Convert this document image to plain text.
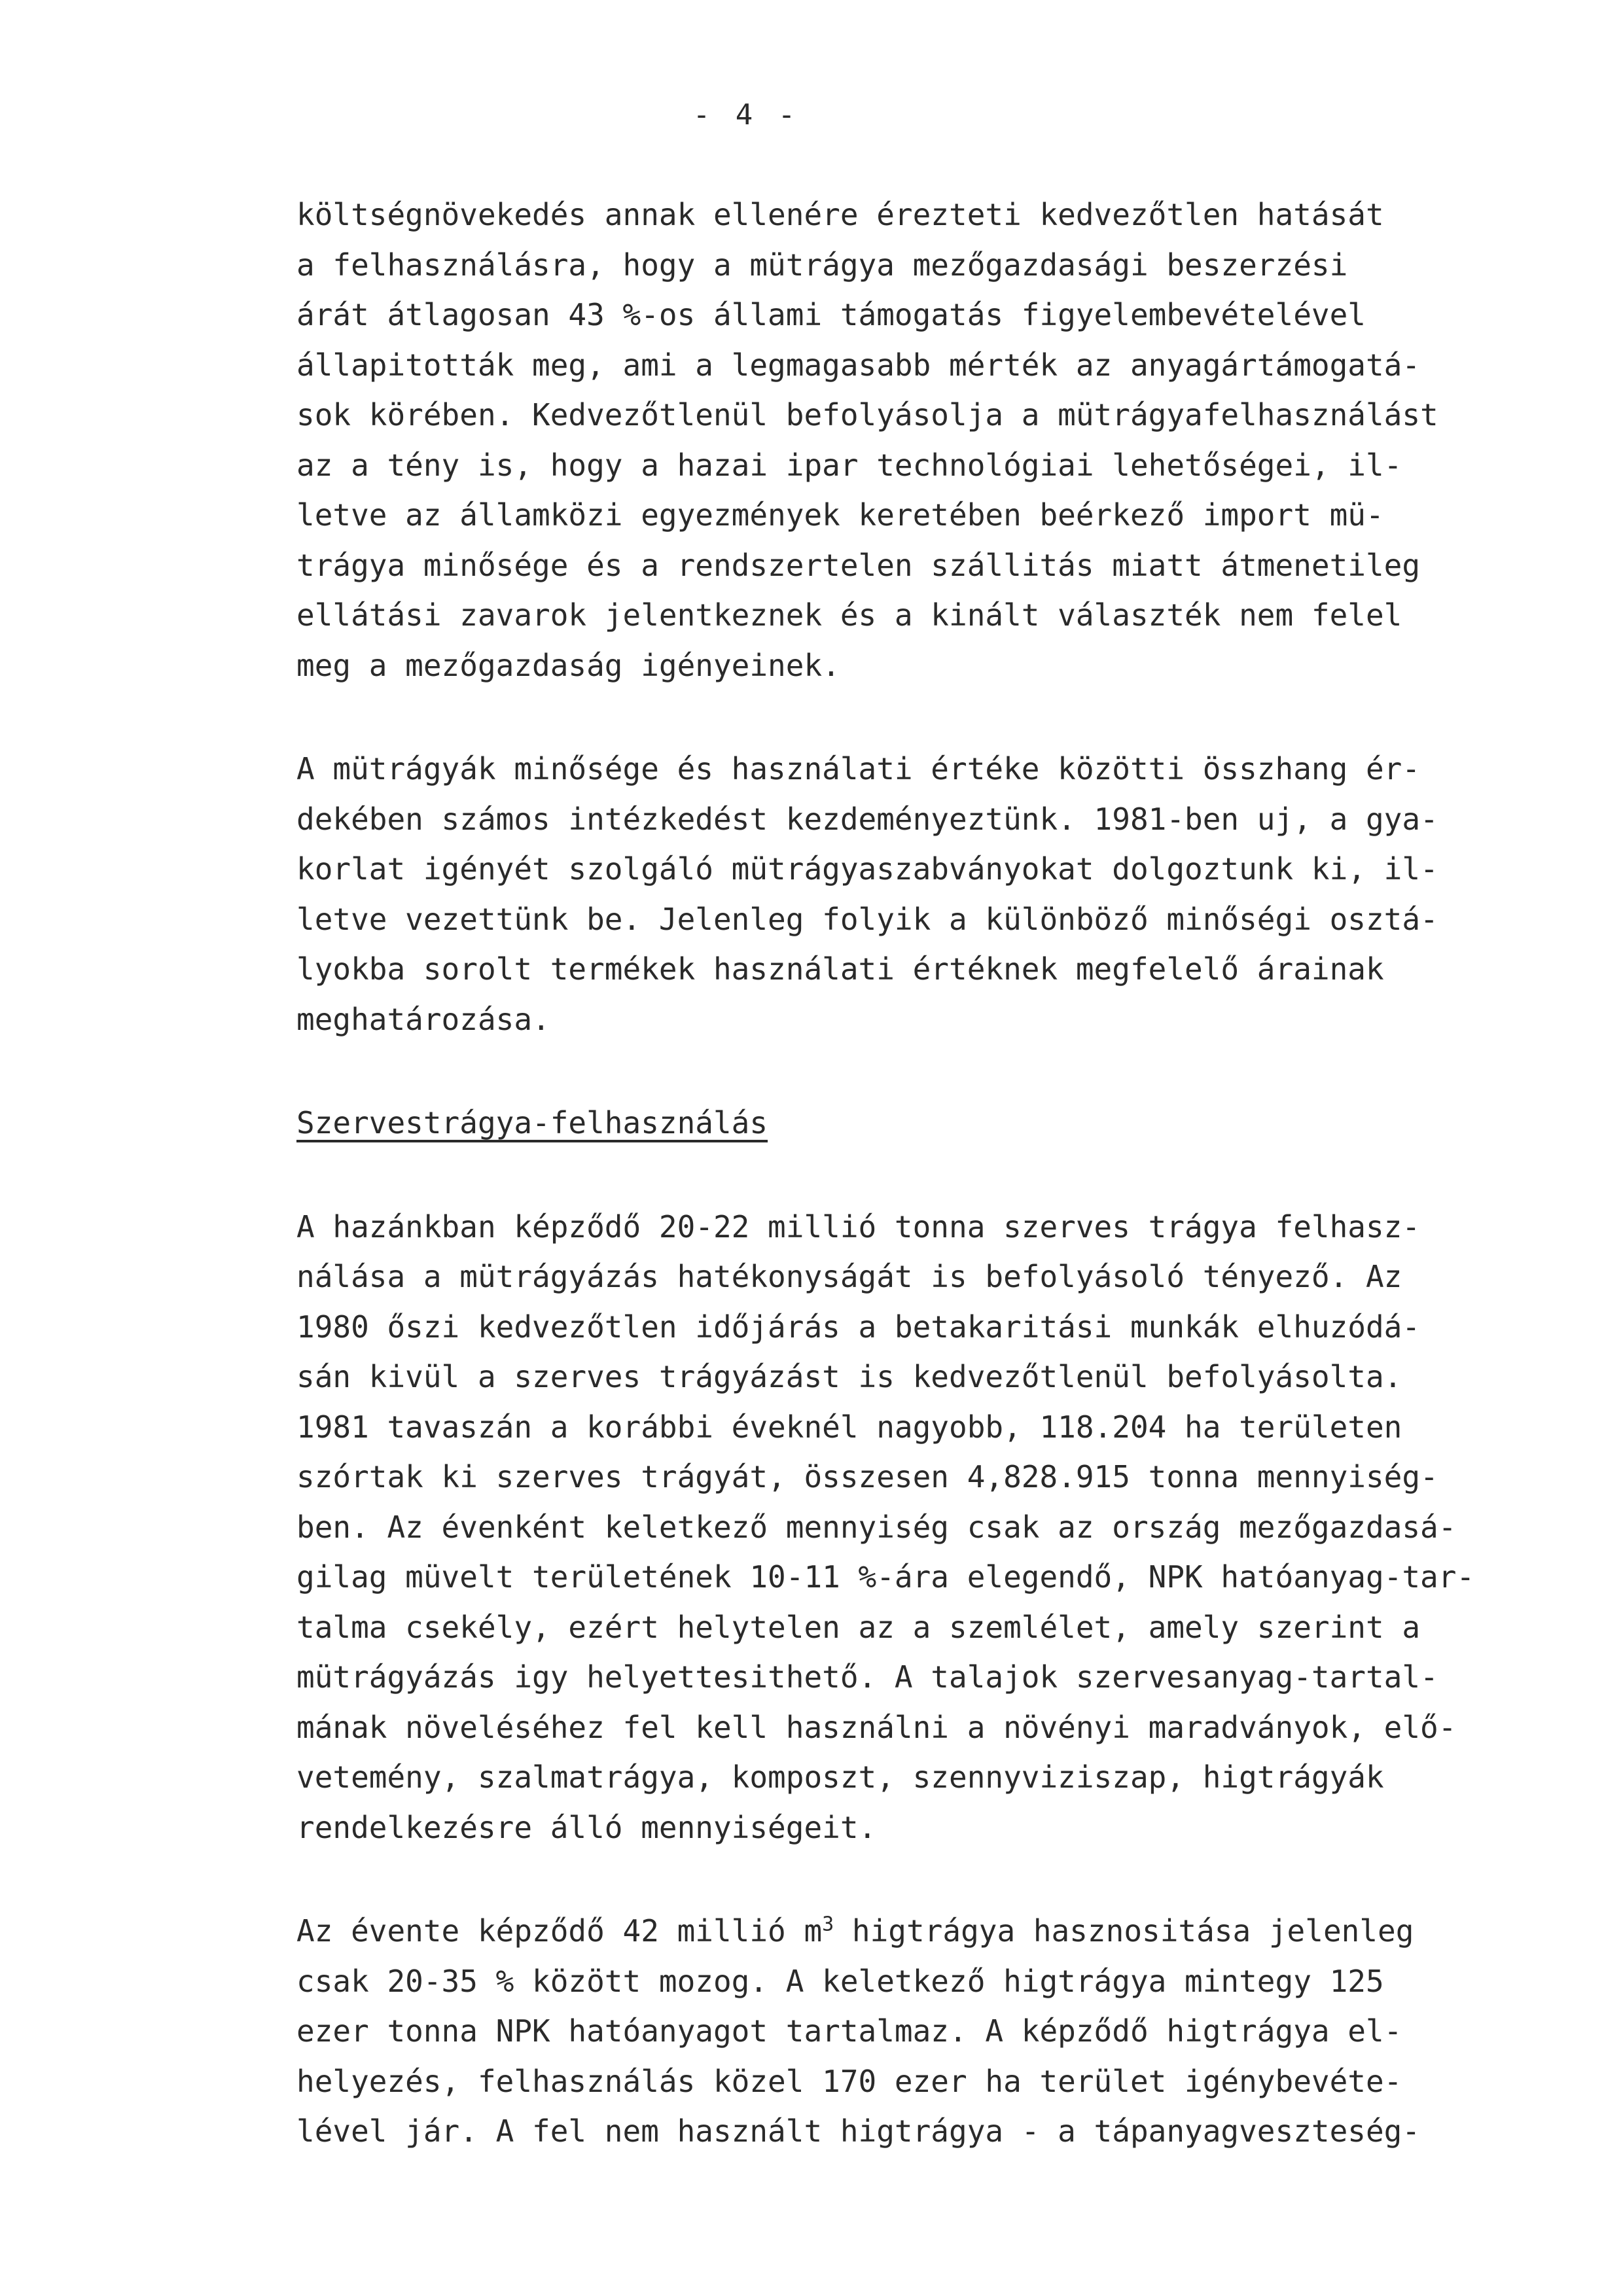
- 4 -
költségnövekedés annak ellenére érezteti kedvezőtlen hatását
a felhasználásra, hogy a mütrágya mezőgazdasági beszerzési
árát átlagosan 43 %-os állami támogatás figyelembevételével
állapitották meg, ami a legmagasabb mérték az anyagártámogatá-
sok körében. Kedvezőtlenül befolyásolja a mütrágyafelhasználást
az a tény is, hogy a hazai ipar technológiai lehetőségei, il-
letve az államközi egyezmények keretében beérkező import mü-
trágya minősége és a rendszertelen szállitás miatt átmenetileg
ellátási zavarok jelentkeznek és a kinált választék nem felel
meg a mezőgazdaság igényeinek.
A mütrágyák minősége és használati értéke közötti összhang ér-
dekében számos intézkedést kezdeményeztünk. 1981-ben uj, a gya-
korlat igényét szolgáló mütrágyaszabványokat dolgoztunk ki, il-
letve vezettünk be. Jelenleg folyik a különböző minőségi osztá-
lyokba sorolt termékek használati értéknek megfelelő árainak
meghatározása.
Szervestrágya-felhasználás
A hazánkban képződő 20-22 millió tonna szerves trágya felhasz-
nálása a mütrágyázás hatékonyságát is befolyásoló tényező. Az
1980 őszi kedvezőtlen időjárás a betakaritási munkák elhuzódá-
sán kivül a szerves trágyázást is kedvezőtlenül befolyásolta.
1981 tavaszán a korábbi éveknél nagyobb, 118.204 ha területen
szórtak ki szerves trágyát, összesen 4,828.915 tonna mennyiség-
ben. Az évenként keletkező mennyiség csak az ország mezőgazdasá-
gilag müvelt területének 10-11 %-ára elegendő, NPK hatóanyag-tar-
talma csekély, ezért helytelen az a szemlélet, amely szerint a
mütrágyázás igy helyettesithető. A talajok szervesanyag-tartal-
mának növeléséhez fel kell használni a növényi maradványok, elő-
vetemény, szalmatrágya, komposzt, szennyviziszap, higtrágyák
rendelkezésre álló mennyiségeit.
Az évente képződő 42 millió $m^3$ higtrágya hasznositása jelenleg
csak 20-35 % között mozog. A keletkező higtrágya mintegy 125
ezer tonna NPK hatóanyagot tartalmaz. A képződő higtrágya el-
helyezés, felhasználás közel 170 ezer ha terület igénybevéte-
lével jár. A fel nem használt higtrágya - a tápanyagveszteség-
